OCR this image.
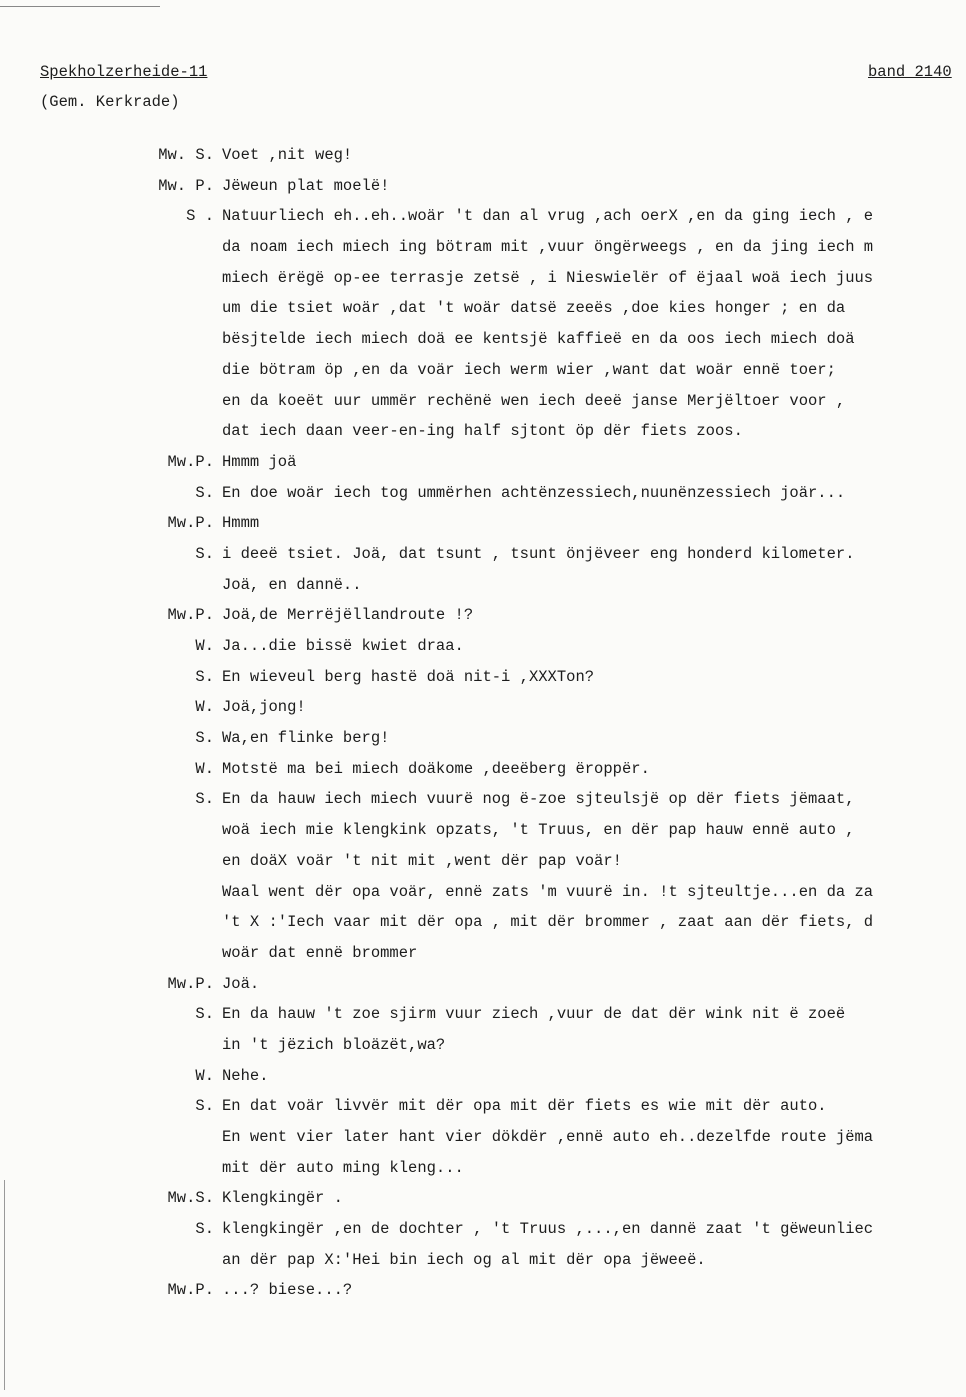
Spekholzerheide-11
(Gem. Kerkrade)
band 2140
Mw. S. Voet ,nit weg!
Mw. P. Jëweun plat moelë!
S . Natuurliech eh..eh..woär 't dan al vrug ,ach oerX ,en da ging iech , e
da noam iech miech ing bötram mit ,vuur öngërweegs , en da jing iech m
miech ërëgë op-ee terrasje zetsë , i Nieswielër of ëjaal woä iech juus
um die tsiet woär ,dat 't woär datsë zeeës ,doe kies honger ; en da
bësjtelde iech miech doä ee kentsjë kaffieë en da oos iech miech doä
die bötram öp ,en da voär iech werm wier ,want dat woär ennë toer;
en da koeët uur ummër rechënë wen iech deeë janse Merjëltoer voor ,
dat iech daan veer-en-ing half sjtont öp dër fiets zoos.
Mw.P. Hmmm joä
S. En doe woär iech tog ummërhen achtënzessiech,nuunënzessiech joär...
Mw.P. Hmmm
S. i deeë tsiet. Joä, dat tsunt , tsunt önjëveer eng honderd kilometer.
Joä, en dannë..
Mw.P. Joä,de Merrëjëllandroute !?
W. Ja...die bissë kwiet draa.
S. En wieveul berg hastë doä nit-i ,XXXTon?
W. Joä,jong!
S. Wa,en flinke berg!
W. Motstë ma bei miech doäkome ,deeëberg ëroppër.
S. En da hauw iech miech vuurë nog ë-zoe sjteulsjë op dër fiets jëmaat,
woä iech mie klengkink opzats, 't Truus, en dër pap hauw ennë auto ,
en doäX voär 't nit mit ,went dër pap voär!
Waal went dër opa voär, ennë zats 'm vuurë in. !t sjteultje...en da za
't X :'Iech vaar mit dër opa , mit dër brommer , zaat aan dër fiets, d
woär dat ennë brommer
Mw.P. Joä.
S. En da hauw 't zoe sjirm vuur ziech ,vuur de dat dër wink nit ë zoeë
in 't jëzich bloäzët,wa?
W. Nehe.
S. En dat voär livvër mit dër opa mit dër fiets es wie mit dër auto.
En went vier later hant vier dökdër ,ennë auto eh..dezelfde route jëma
mit dër auto ming kleng...
Mw.S. Klengkingër .
S. klengkingër ,en de dochter , 't Truus ,...,en dannë zaat 't gëweunliec
an dër pap X:'Hei bin iech og al mit dër opa jëweeë.
Mw.P. ...? biese...?
